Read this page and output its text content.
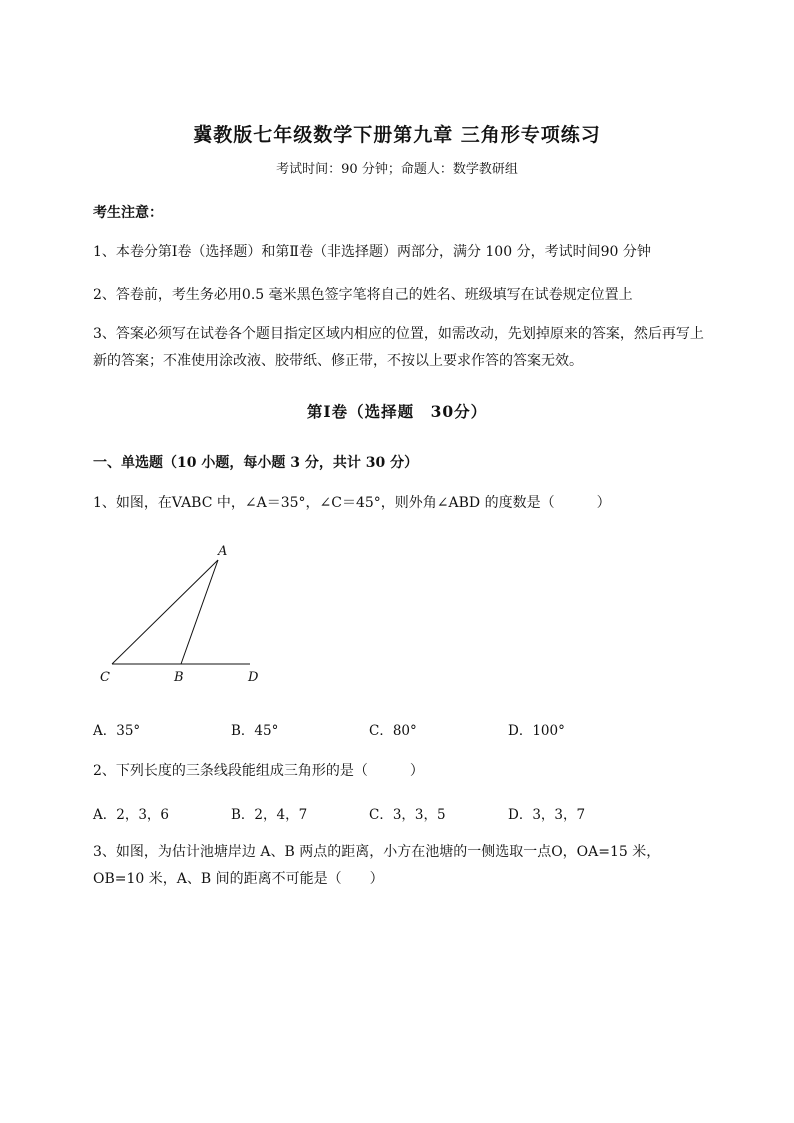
冀教版七年级数学下册第九章 三角形专项练习
考试时间：90 分钟；命题人：数学教研组
考生注意：
1、本卷分第Ⅰ卷（选择题）和第Ⅱ卷（非选择题）两部分，满分 100 分，考试时间90 分钟
2、答卷前，考生务必用0.5 毫米黑色签字笔将自己的姓名、班级填写在试卷规定位置上
3、答案必须写在试卷各个题目指定区域内相应的位置，如需改动，先划掉原来的答案，然后再写上新的答案；不准使用涂改液、胶带纸、修正带，不按以上要求作答的答案无效。
第Ⅰ卷（选择题　30分）
一、单选题（10 小题，每小题 3 分，共计 30 分）
1、如图，在VABC 中，∠A＝35°，∠C＝45°，则外角∠ABD 的度数是（　　　）
A
C	B	D
A．35°	B．45°	C．80°	D．100°
2、下列长度的三条线段能组成三角形的是（　　　）
A．2，3，6	B．2，4，7	C．3，3，5	D．3，3，7
3、如图，为估计池塘岸边 A、B 两点的距离，小方在池塘的一侧选取一点O，OA=15 米，OB=10 米，A、B 间的距离不可能是（　　）
